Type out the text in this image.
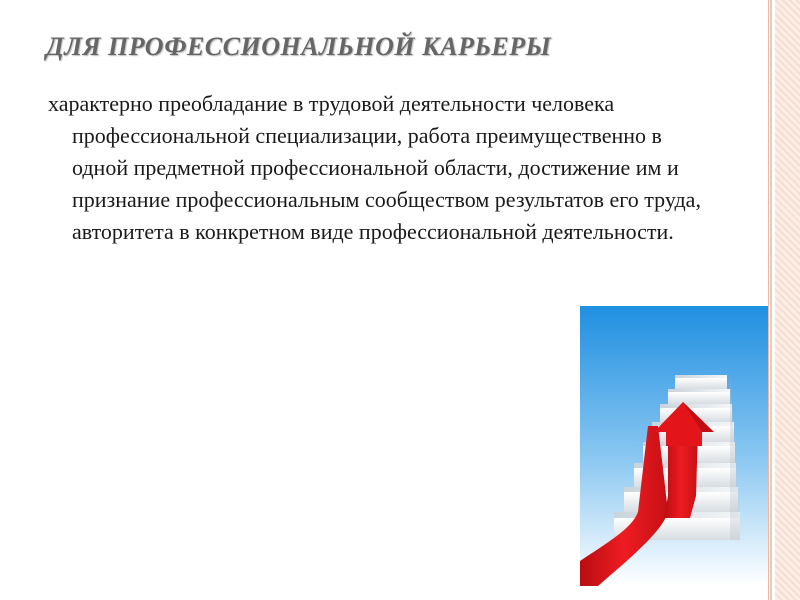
ДЛЯ ПРОФЕССИОНАЛЬНОЙ КАРЬЕРЫ

характерно преобладание в трудовой деятельности человека профессиональной специализации, работа преимущественно в одной предметной профессиональной области, достижение им и признание профессиональным сообществом результатов его труда, авторитета в конкретном виде профессиональной деятельности.
